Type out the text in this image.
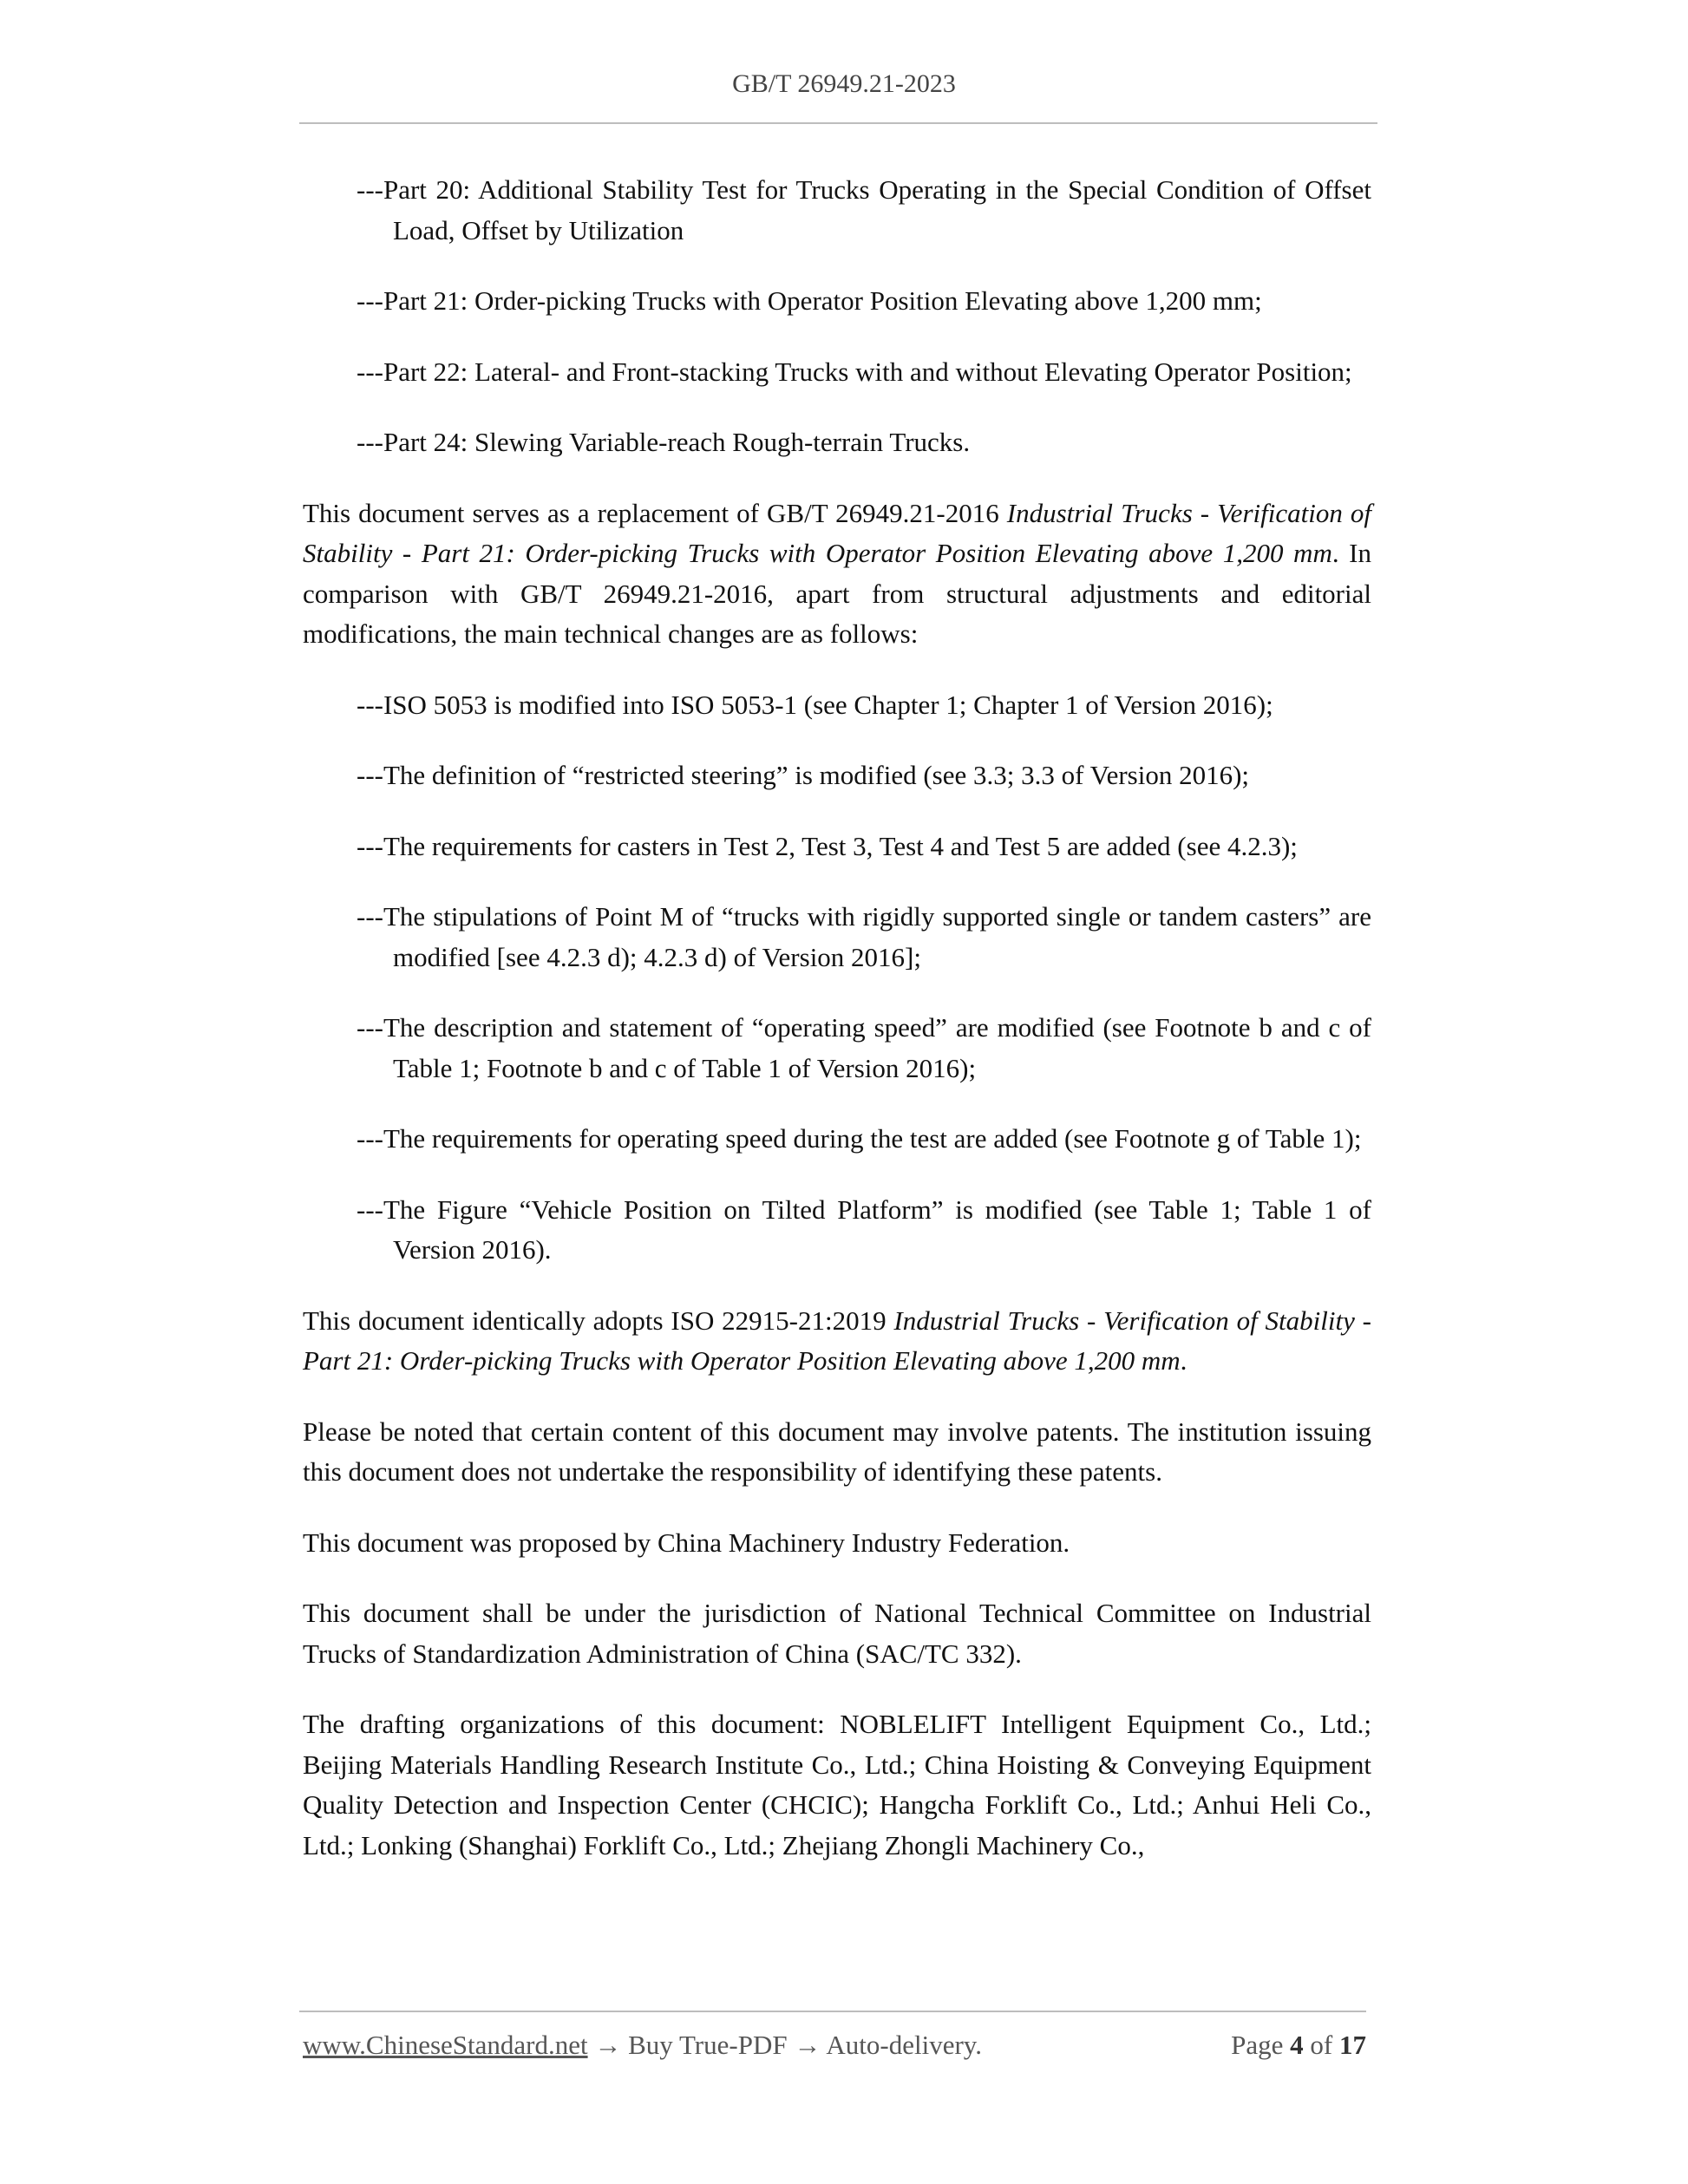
GB/T 26949.21-2023

---Part 20: Additional Stability Test for Trucks Operating in the Special Condition of Offset Load, Offset by Utilization

---Part 21: Order-picking Trucks with Operator Position Elevating above 1,200 mm;

---Part 22: Lateral- and Front-stacking Trucks with and without Elevating Operator Position;

---Part 24: Slewing Variable-reach Rough-terrain Trucks.

This document serves as a replacement of GB/T 26949.21-2016 Industrial Trucks - Verification of Stability - Part 21: Order-picking Trucks with Operator Position Elevating above 1,200 mm. In comparison with GB/T 26949.21-2016, apart from structural adjustments and editorial modifications, the main technical changes are as follows:

---ISO 5053 is modified into ISO 5053-1 (see Chapter 1; Chapter 1 of Version 2016);

---The definition of “restricted steering” is modified (see 3.3; 3.3 of Version 2016);

---The requirements for casters in Test 2, Test 3, Test 4 and Test 5 are added (see 4.2.3);

---The stipulations of Point M of “trucks with rigidly supported single or tandem casters” are modified [see 4.2.3 d); 4.2.3 d) of Version 2016];

---The description and statement of “operating speed” are modified (see Footnote b and c of Table 1; Footnote b and c of Table 1 of Version 2016);

---The requirements for operating speed during the test are added (see Footnote g of Table 1);

---The Figure “Vehicle Position on Tilted Platform” is modified (see Table 1; Table 1 of Version 2016).

This document identically adopts ISO 22915-21:2019 Industrial Trucks - Verification of Stability - Part 21: Order-picking Trucks with Operator Position Elevating above 1,200 mm.

Please be noted that certain content of this document may involve patents. The institution issuing this document does not undertake the responsibility of identifying these patents.

This document was proposed by China Machinery Industry Federation.

This document shall be under the jurisdiction of National Technical Committee on Industrial Trucks of Standardization Administration of China (SAC/TC 332).

The drafting organizations of this document: NOBLELIFT Intelligent Equipment Co., Ltd.; Beijing Materials Handling Research Institute Co., Ltd.; China Hoisting & Conveying Equipment Quality Detection and Inspection Center (CHCIC); Hangcha Forklift Co., Ltd.; Anhui Heli Co., Ltd.; Lonking (Shanghai) Forklift Co., Ltd.; Zhejiang Zhongli Machinery Co.,

www.ChineseStandard.net → Buy True-PDF → Auto-delivery.	Page 4 of 17
